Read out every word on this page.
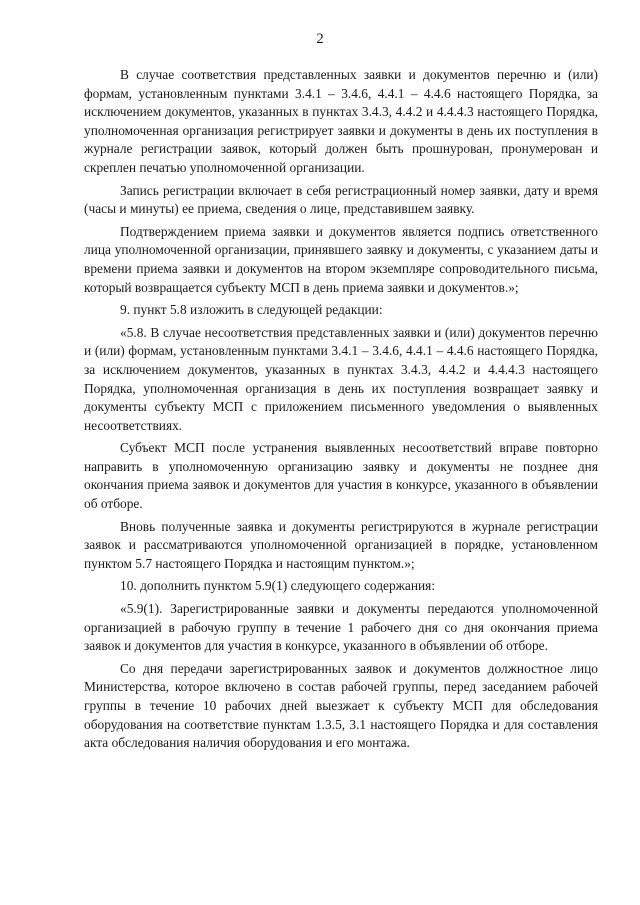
2

В случае соответствия представленных заявки и документов перечню и (или) формам, установленным пунктами 3.4.1 – 3.4.6, 4.4.1 – 4.4.6 настоящего Порядка, за исключением документов, указанных в пунктах 3.4.3, 4.4.2 и 4.4.4.3 настоящего Порядка, уполномоченная организация регистрирует заявки и документы в день их поступления в журнале регистрации заявок, который должен быть прошнурован, пронумерован и скреплен печатью уполномоченной организации.

Запись регистрации включает в себя регистрационный номер заявки, дату и время (часы и минуты) ее приема, сведения о лице, представившем заявку.

Подтверждением приема заявки и документов является подпись ответственного лица уполномоченной организации, принявшего заявку и документы, с указанием даты и времени приема заявки и документов на втором экземпляре сопроводительного письма, который возвращается субъекту МСП в день приема заявки и документов.»;

9. пункт 5.8 изложить в следующей редакции:

«5.8. В случае несоответствия представленных заявки и (или) документов перечню и (или) формам, установленным пунктами 3.4.1 – 3.4.6, 4.4.1 – 4.4.6 настоящего Порядка, за исключением документов, указанных в пунктах 3.4.3, 4.4.2 и 4.4.4.3 настоящего Порядка, уполномоченная организация в день их поступления возвращает заявку и документы субъекту МСП с приложением письменного уведомления о выявленных несоответствиях.

Субъект МСП после устранения выявленных несоответствий вправе повторно направить в уполномоченную организацию заявку и документы не позднее дня окончания приема заявок и документов для участия в конкурсе, указанного в объявлении об отборе.

Вновь полученные заявка и документы регистрируются в журнале регистрации заявок и рассматриваются уполномоченной организацией в порядке, установленном пунктом 5.7 настоящего Порядка и настоящим пунктом.»;

10. дополнить пунктом 5.9(1) следующего содержания:

«5.9(1). Зарегистрированные заявки и документы передаются уполномоченной организацией в рабочую группу в течение 1 рабочего дня со дня окончания приема заявок и документов для участия в конкурсе, указанного в объявлении об отборе.

Со дня передачи зарегистрированных заявок и документов должностное лицо Министерства, которое включено в состав рабочей группы, перед заседанием рабочей группы в течение 10 рабочих дней выезжает к субъекту МСП для обследования оборудования на соответствие пунктам 1.3.5, 3.1 настоящего Порядка и для составления акта обследования наличия оборудования и его монтажа.
